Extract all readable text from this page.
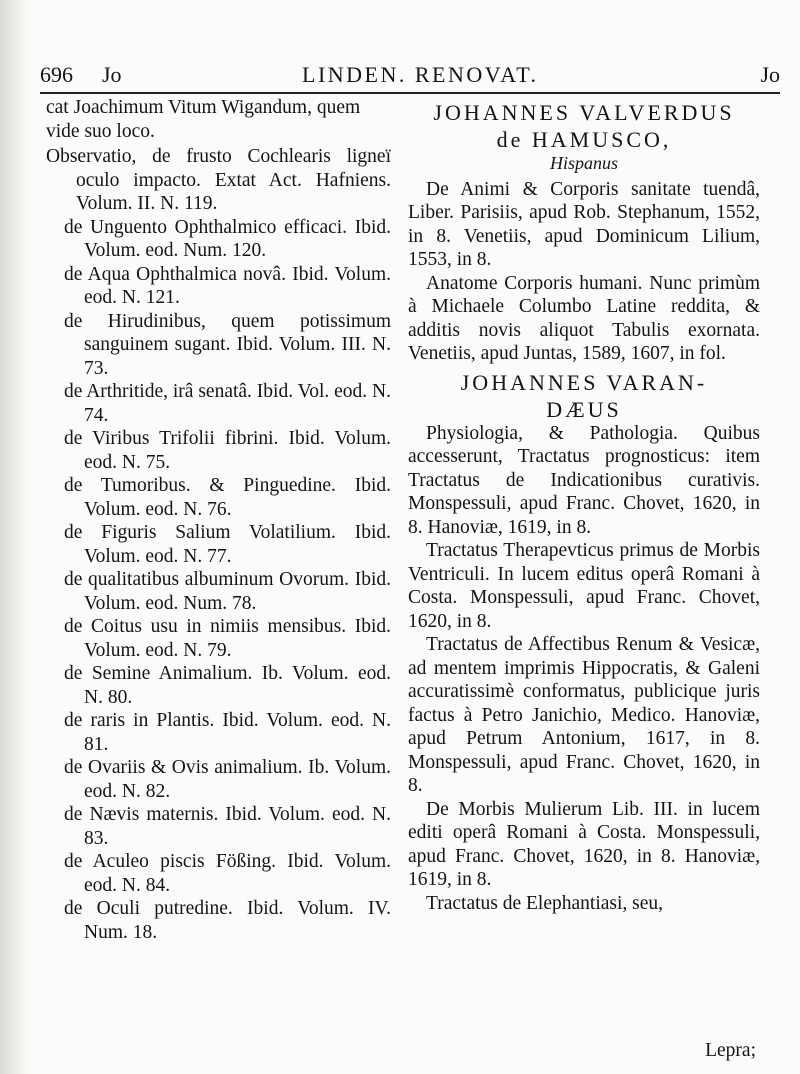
696 Jo	LINDEN. RENOVAT.	Jo

cat Joachimum Vitum Wigandum, quem vide suo loco.

Observatio, de frusto Cochlearis ligneï oculo impacto. Extat Act. Hafniens. Volum. II. N. 119.

de Unguento Ophthalmico efficaci. Ibid. Volum. eod. Num. 120.

de Aqua Ophthalmica novâ. Ibid. Volum. eod. N. 121.

de Hirudinibus, quem potissimum sanguinem sugant. Ibid. Volum. III. N. 73.

de Arthritide, irâ senatâ. Ibid. Vol. eod. N. 74.

de Viribus Trifolii fibrini. Ibid. Volum. eod. N. 75.

de Tumoribus. & Pinguedine. Ibid. Volum. eod. N. 76.

de Figuris Salium Volatilium. Ibid. Volum. eod. N. 77.

de qualitatibus albuminum Ovorum. Ibid. Volum. eod. Num. 78.

de Coitus usu in nimiis mensibus. Ibid. Volum. eod. N. 79.

de Semine Animalium. Ib. Volum. eod. N. 80.

de raris in Plantis. Ibid. Volum. eod. N. 81.

de Ovariis & Ovis animalium. Ib. Volum. eod. N. 82.

de Nævis maternis. Ibid. Volum. eod. N. 83.

de Aculeo piscis Fößing. Ibid. Volum. eod. N. 84.

de Oculi putredine. Ibid. Volum. IV. Num. 18.

JOHANNES VALVERDUS
de HAMUSCO,
Hispanus

De Animi & Corporis sanitate tuendâ, Liber. Parisiis, apud Rob. Stephanum, 1552, in 8. Venetiis, apud Dominicum Lilium, 1553, in 8.

Anatome Corporis humani. Nunc primùm à Michaele Columbo Latine reddita, & additis novis aliquot Tabulis exornata. Venetiis, apud Juntas, 1589, 1607, in fol.

JOHANNES VARAN-
DÆUS

Physiologia, & Pathologia. Quibus accesserunt, Tractatus prognosticus: item Tractatus de Indicationibus curativis. Monspessuli, apud Franc. Chovet, 1620, in 8. Hanoviæ, 1619, in 8.

Tractatus Therapevticus primus de Morbis Ventriculi. In lucem editus operâ Romani à Costa. Monspessuli, apud Franc. Chovet, 1620, in 8.

Tractatus de Affectibus Renum & Vesicæ, ad mentem imprimis Hippocratis, & Galeni accuratissimè conformatus, publicique juris factus à Petro Janichio, Medico. Hanoviæ, apud Petrum Antonium, 1617, in 8. Monspessuli, apud Franc. Chovet, 1620, in 8.

De Morbis Mulierum Lib. III. in lucem editi operâ Romani à Costa. Monspessuli, apud Franc. Chovet, 1620, in 8. Hanoviæ, 1619, in 8.

Tractatus de Elephantiasi, seu,

Lepra;
